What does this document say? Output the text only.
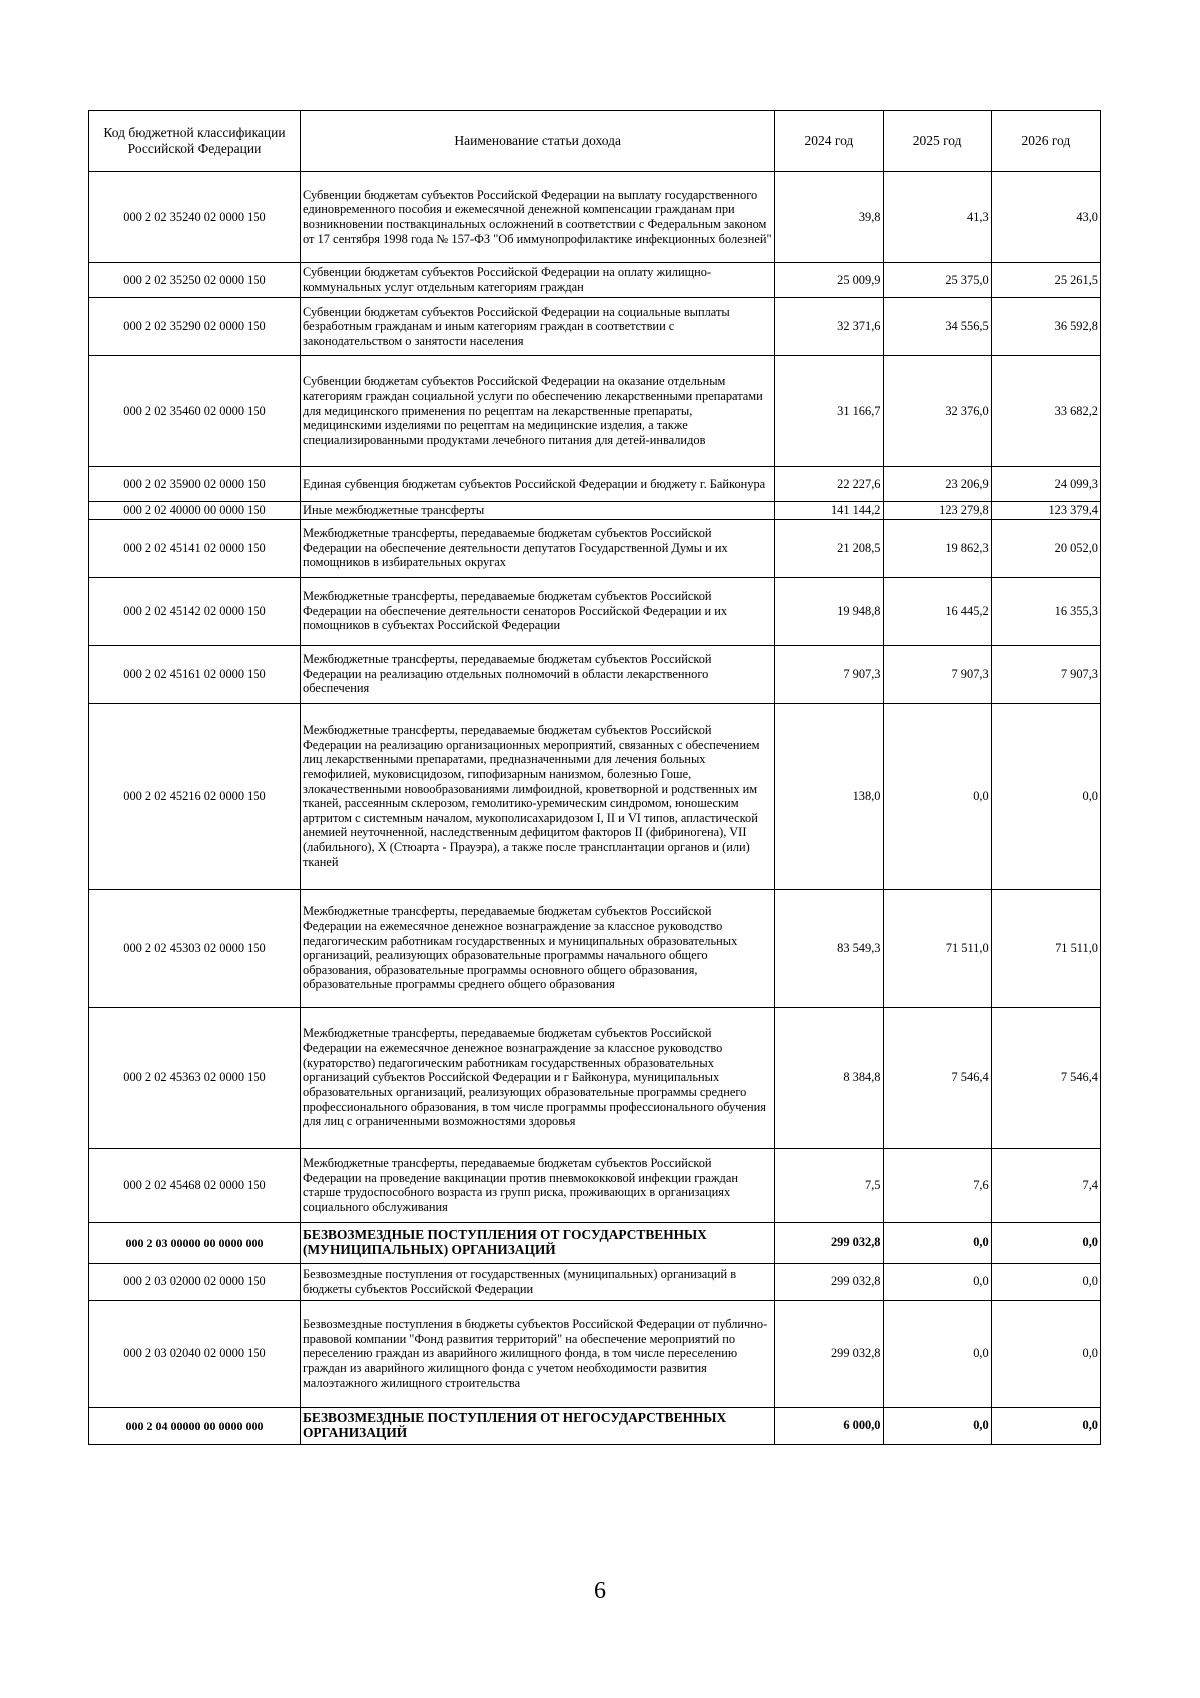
Код бюджетной классификации Российской Федерации	Наименование статьи дохода	2024 год	2025 год	2026 год
000 2 02 35240 02 0000 150	Субвенции бюджетам субъектов Российской Федерации на выплату государственного единовременного пособия и ежемесячной денежной компенсации гражданам при возникновении поствакцинальных осложнений в соответствии с Федеральным законом от 17 сентября 1998 года № 157-ФЗ "Об иммунопрофилактике инфекционных болезней"	39,8	41,3	43,0
000 2 02 35250 02 0000 150	Субвенции бюджетам субъектов Российской Федерации на оплату жилищно-коммунальных услуг отдельным категориям граждан	25 009,9	25 375,0	25 261,5
000 2 02 35290 02 0000 150	Субвенции бюджетам субъектов Российской Федерации на социальные выплаты безработным гражданам и иным категориям граждан в соответствии с законодательством о занятости населения	32 371,6	34 556,5	36 592,8
000 2 02 35460 02 0000 150	Субвенции бюджетам субъектов Российской Федерации на оказание отдельным категориям граждан социальной услуги по обеспечению лекарственными препаратами для медицинского применения по рецептам на лекарственные препараты, медицинскими изделиями по рецептам на медицинские изделия, а также специализированными продуктами лечебного питания для детей-инвалидов	31 166,7	32 376,0	33 682,2
000 2 02 35900 02 0000 150	Единая субвенция бюджетам субъектов Российской Федерации и бюджету г. Байконура	22 227,6	23 206,9	24 099,3
000 2 02 40000 00 0000 150	Иные межбюджетные трансферты	141 144,2	123 279,8	123 379,4
000 2 02 45141 02 0000 150	Межбюджетные трансферты, передаваемые бюджетам субъектов Российской Федерации на обеспечение деятельности депутатов Государственной Думы и их помощников в избирательных округах	21 208,5	19 862,3	20 052,0
000 2 02 45142 02 0000 150	Межбюджетные трансферты, передаваемые бюджетам субъектов Российской Федерации на обеспечение деятельности сенаторов Российской Федерации и их помощников в субъектах Российской Федерации	19 948,8	16 445,2	16 355,3
000 2 02 45161 02 0000 150	Межбюджетные трансферты, передаваемые бюджетам субъектов Российской Федерации на реализацию отдельных полномочий в области лекарственного обеспечения	7 907,3	7 907,3	7 907,3
000 2 02 45216 02 0000 150	Межбюджетные трансферты, передаваемые бюджетам субъектов Российской Федерации на реализацию организационных мероприятий, связанных с обеспечением лиц лекарственными препаратами, предназначенными для лечения больных гемофилией, муковисцидозом, гипофизарным нанизмом, болезнью Гоше, злокачественными новообразованиями лимфоидной, кроветворной и родственных им тканей, рассеянным склерозом, гемолитико-уремическим синдромом, юношеским артритом с системным началом, мукополисахаридозом I, II и VI типов, апластической анемией неуточненной, наследственным дефицитом факторов II (фибриногена), VII (лабильного), X (Стюарта - Прауэра), а также после трансплантации органов и (или) тканей	138,0	0,0	0,0
000 2 02 45303 02 0000 150	Межбюджетные трансферты, передаваемые бюджетам субъектов Российской Федерации на ежемесячное денежное вознаграждение за классное руководство педагогическим работникам государственных и муниципальных образовательных организаций, реализующих образовательные программы начального общего образования, образовательные программы основного общего образования, образовательные программы среднего общего образования	83 549,3	71 511,0	71 511,0
000 2 02 45363 02 0000 150	Межбюджетные трансферты, передаваемые бюджетам субъектов Российской Федерации на ежемесячное денежное вознаграждение за классное руководство (кураторство) педагогическим работникам государственных образовательных организаций субъектов Российской Федерации и г Байконура, муниципальных образовательных организаций, реализующих образовательные программы среднего профессионального образования, в том числе программы профессионального обучения для лиц с ограниченными возможностями здоровья	8 384,8	7 546,4	7 546,4
000 2 02 45468 02 0000 150	Межбюджетные трансферты, передаваемые бюджетам субъектов Российской Федерации на проведение вакцинации против пневмококковой инфекции граждан старше трудоспособного возраста из групп риска, проживающих в организациях социального обслуживания	7,5	7,6	7,4
000 2 03 00000 00 0000 000	БЕЗВОЗМЕЗДНЫЕ ПОСТУПЛЕНИЯ ОТ ГОСУДАРСТВЕННЫХ (МУНИЦИПАЛЬНЫХ) ОРГАНИЗАЦИЙ	299 032,8	0,0	0,0
000 2 03 02000 02 0000 150	Безвозмездные поступления от государственных (муниципальных) организаций в бюджеты субъектов Российской Федерации	299 032,8	0,0	0,0
000 2 03 02040 02 0000 150	Безвозмездные поступления в бюджеты субъектов Российской Федерации от публично-правовой компании "Фонд развития территорий" на обеспечение мероприятий по переселению граждан из аварийного жилищного фонда, в том числе переселению граждан из аварийного жилищного фонда с учетом необходимости развития малоэтажного жилищного строительства	299 032,8	0,0	0,0
000 2 04 00000 00 0000 000	БЕЗВОЗМЕЗДНЫЕ ПОСТУПЛЕНИЯ ОТ НЕГОСУДАРСТВЕННЫХ ОРГАНИЗАЦИЙ	6 000,0	0,0	0,0
6
